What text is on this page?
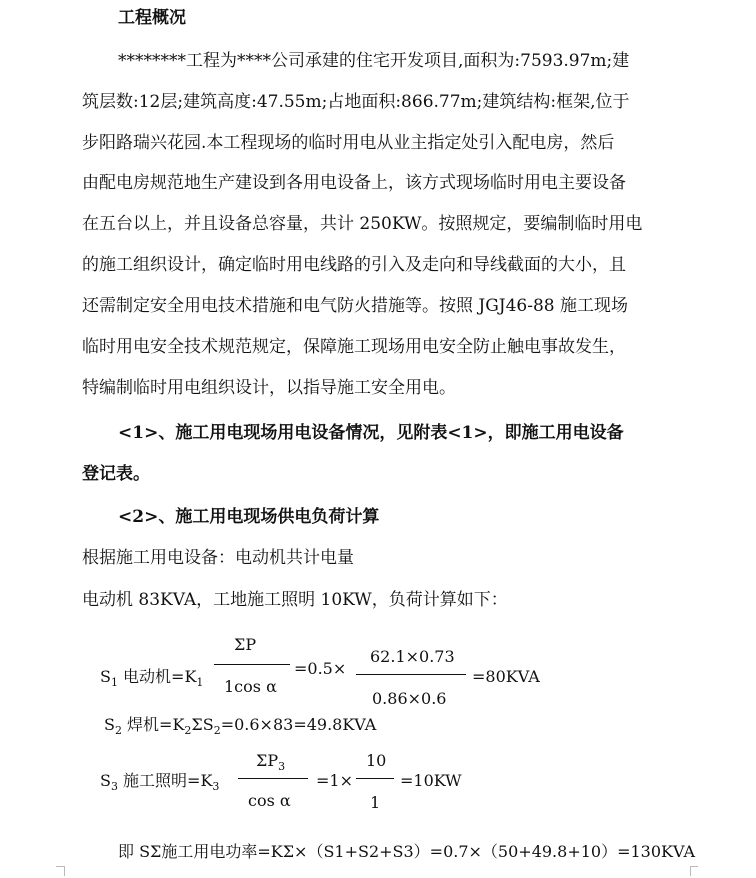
工程概况
********工程为****公司承建的住宅开发项目,面积为:7593.97m;建
筑层数:12层;建筑高度:47.55m;占地面积:866.77m;建筑结构:框架,位于
步阳路瑞兴花园.本工程现场的临时用电从业主指定处引入配电房，然后
由配电房规范地生产建设到各用电设备上，该方式现场临时用电主要设备
在五台以上，并且设备总容量，共计 250KW。按照规定，要编制临时用电
的施工组织设计，确定临时用电线路的引入及走向和导线截面的大小，且
还需制定安全用电技术措施和电气防火措施等。按照 JGJ46-88 施工现场
临时用电安全技术规范规定，保障施工现场用电安全防止触电事故发生，
特编制临时用电组织设计，以指导施工安全用电。
<1>、施工用电现场用电设备情况，见附表<1>，即施工用电设备
登记表。
<2>、施工用电现场供电负荷计算
根据施工用电设备：电动机共计电量
电动机 83KVA，工地施工照明 10KW，负荷计算如下：
$S_1$ 电动机$=K_1$
ΣP
1cos α
=0.5×
62.1×0.73
0.86×0.6
=80KVA
$S_2$ 焊机$=K_2\Sigma S_2=0.6\times 83=49.8KVA$
$S_3$ 施工照明$=K_3$
$\Sigma P_3$
cos α
=1×
10
1
=10KW
即 SΣ施工用电功率=KΣ×（S1+S2+S3）=0.7×（50+49.8+10）=130KVA
